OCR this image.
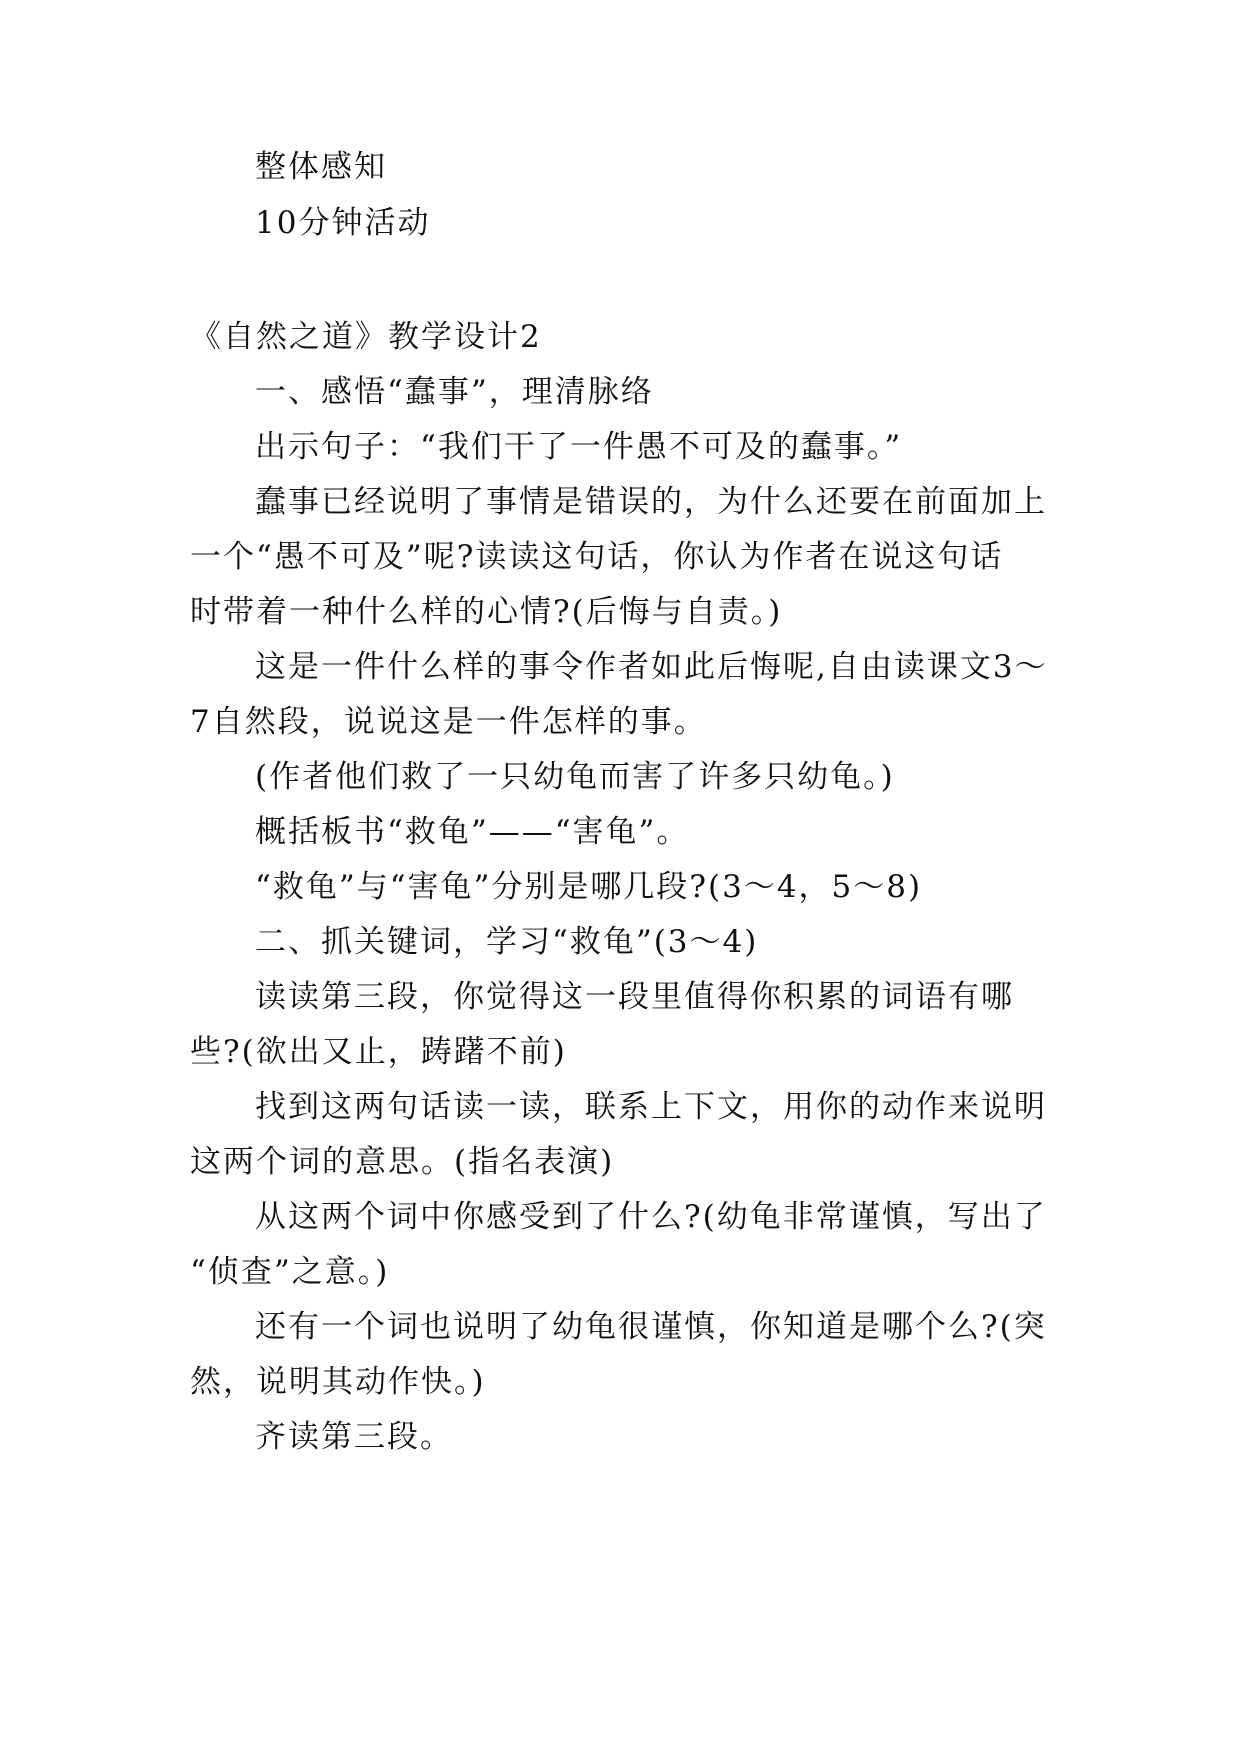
整体感知
10分钟活动
《自然之道》教学设计2
一、感悟“蠢事”，理清脉络
出示句子：“我们干了一件愚不可及的蠢事。”
蠢事已经说明了事情是错误的，为什么还要在前面加上
一个“愚不可及”呢?读读这句话，你认为作者在说这句话
时带着一种什么样的心情?(后悔与自责。)
这是一件什么样的事令作者如此后悔呢,自由读课文3～
7自然段，说说这是一件怎样的事。
(作者他们救了一只幼龟而害了许多只幼龟。)
概括板书“救龟”——“害龟”。
“救龟”与“害龟”分别是哪几段?(3～4，5～8)
二、抓关键词，学习“救龟”(3～4)
读读第三段，你觉得这一段里值得你积累的词语有哪
些?(欲出又止，踌躇不前)
找到这两句话读一读，联系上下文，用你的动作来说明
这两个词的意思。(指名表演)
从这两个词中你感受到了什么?(幼龟非常谨慎，写出了
“侦查”之意。)
还有一个词也说明了幼龟很谨慎，你知道是哪个么?(突
然，说明其动作快。)
齐读第三段。
